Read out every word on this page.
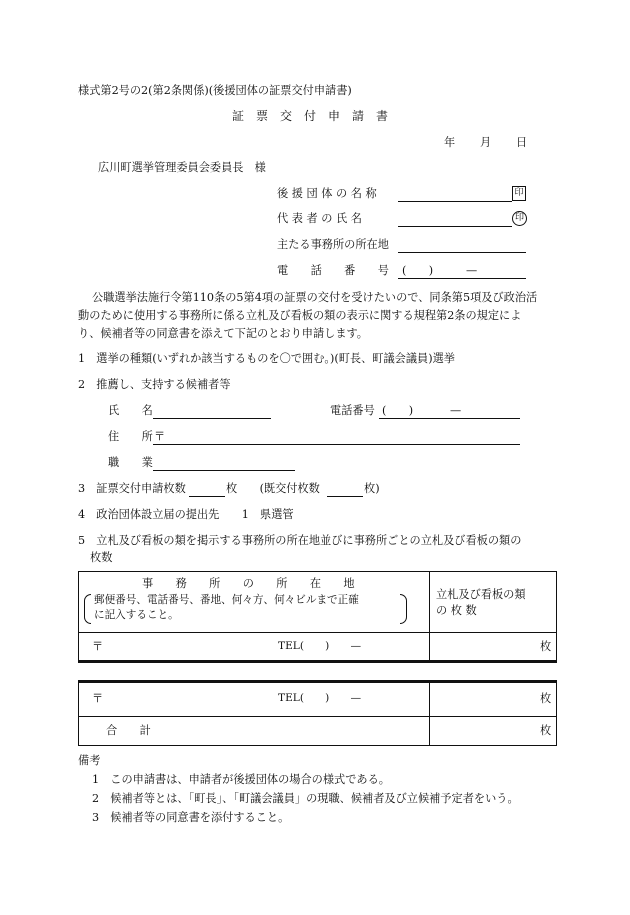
様式第2号の2(第2条関係)(後援団体の証票交付申請書)
証　票　交　付　申　請　書
年 月 日
広川町選挙管理委員会委員長　様
後 援 団 体 の 名 称	印
代 表 者 の 氏 名	印
主たる事務所の所在地
電　　話　　番　　号 (　　)	—
公職選挙法施行令第110条の5第4項の証票の交付を受けたいので、同条第5項及び政治活
動のために使用する事務所に係る立札及び看板の類の表示に関する規程第2条の規定によ
り、候補者等の同意書を添えて下記のとおり申請します。
1　選挙の種類(いずれか該当するものを〇で囲む。)(町長、町議会議員)選挙
2　推薦し、支持する候補者等
氏　　名	電話番号 (　　)	—
住　　所 〒
職　　業
3　証票交付申請枚数	枚　　(既交付枚数	枚)
4　政治団体設立届の提出先　　1　県選管
5　立札及び看板の類を掲示する事務所の所在地並びに事務所ごとの立札及び看板の類の
枚数
事　　務　　所　　の　　所　　在　　地
郵便番号、電話番号、番地、何々方、何々ビルまで正確
に記入すること。
立札及び看板の類
の 枚 数
〒	TEL(　　)　　—	枚
〒	TEL(　　)　　—	枚
合　　計	枚
備考
1　この申請書は、申請者が後援団体の場合の様式である。
2　候補者等とは、「町長」、「町議会議員」の現職、候補者及び立候補予定者をいう。
3　候補者等の同意書を添付すること。
